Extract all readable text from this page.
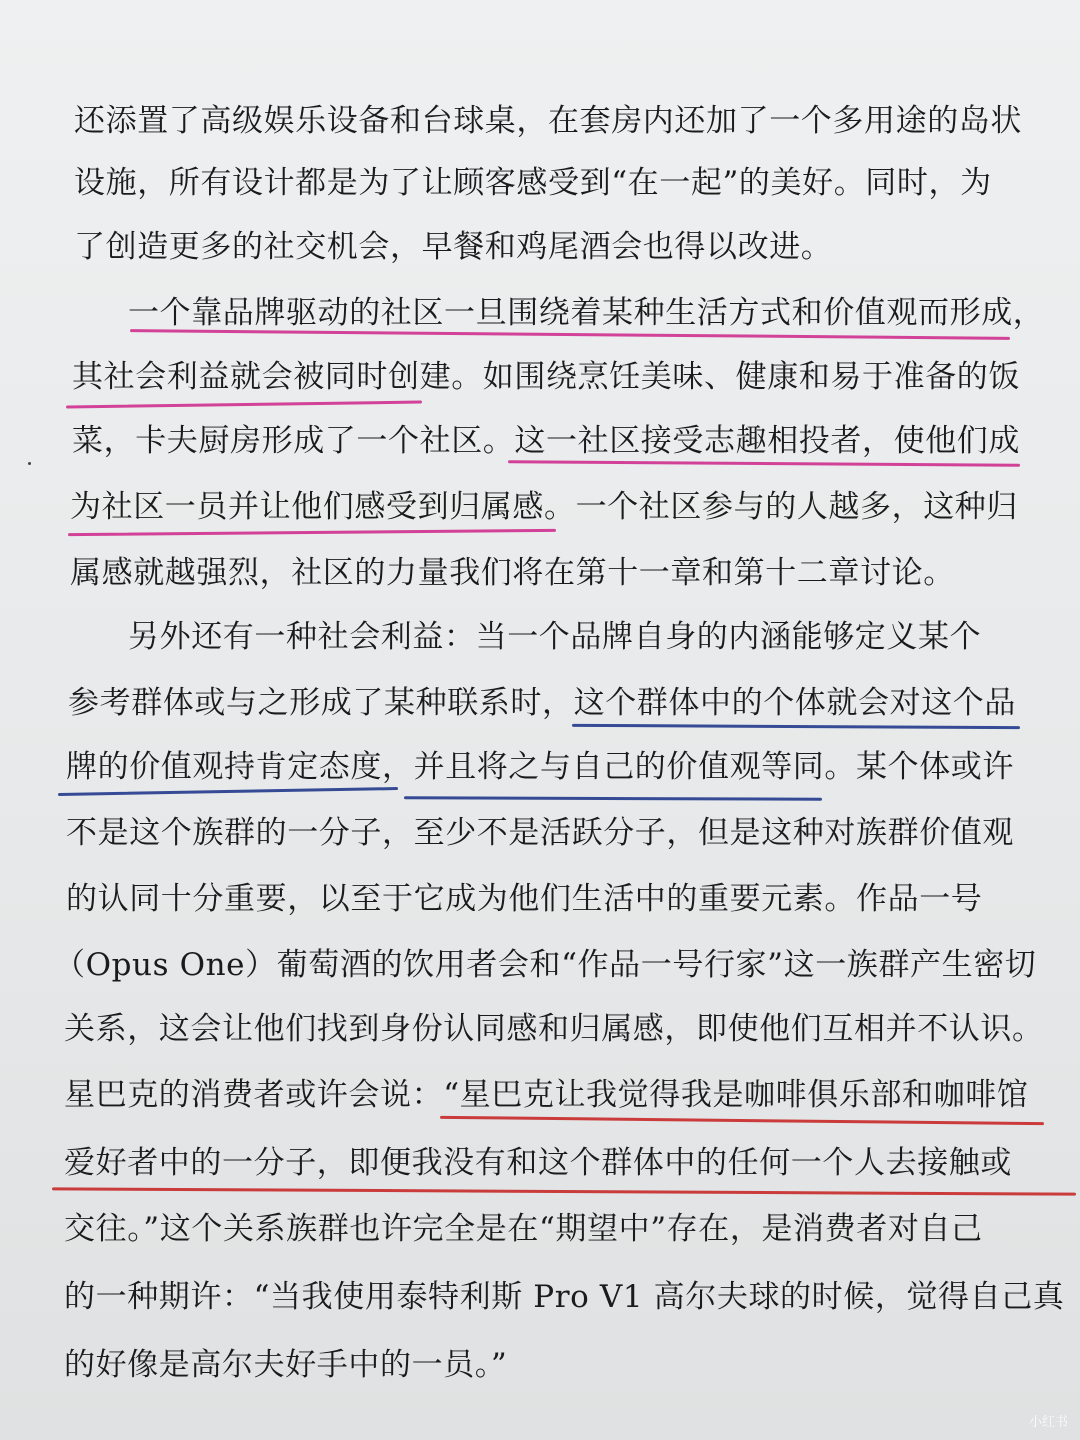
还添置了高级娱乐设备和台球桌，在套房内还加了一个多用途的岛状
设施，所有设计都是为了让顾客感受到“在一起”的美好。同时，为
了创造更多的社交机会，早餐和鸡尾酒会也得以改进。
一个靠品牌驱动的社区一旦围绕着某种生活方式和价值观而形成，
其社会利益就会被同时创建。如围绕烹饪美味、健康和易于准备的饭
菜，卡夫厨房形成了一个社区。这一社区接受志趣相投者，使他们成
为社区一员并让他们感受到归属感。一个社区参与的人越多，这种归
属感就越强烈，社区的力量我们将在第十一章和第十二章讨论。
另外还有一种社会利益：当一个品牌自身的内涵能够定义某个
参考群体或与之形成了某种联系时，这个群体中的个体就会对这个品
牌的价值观持肯定态度，并且将之与自己的价值观等同。某个体或许
不是这个族群的一分子，至少不是活跃分子，但是这种对族群价值观
的认同十分重要，以至于它成为他们生活中的重要元素。作品一号
（Opus One）葡萄酒的饮用者会和“作品一号行家”这一族群产生密切
关系，这会让他们找到身份认同感和归属感，即使他们互相并不认识。
星巴克的消费者或许会说：“星巴克让我觉得我是咖啡俱乐部和咖啡馆
爱好者中的一分子，即便我没有和这个群体中的任何一个人去接触或
交往。”这个关系族群也许完全是在“期望中”存在，是消费者对自己
的一种期许：“当我使用泰特利斯 Pro V1 高尔夫球的时候，觉得自己真
的好像是高尔夫好手中的一员。”
小红书
